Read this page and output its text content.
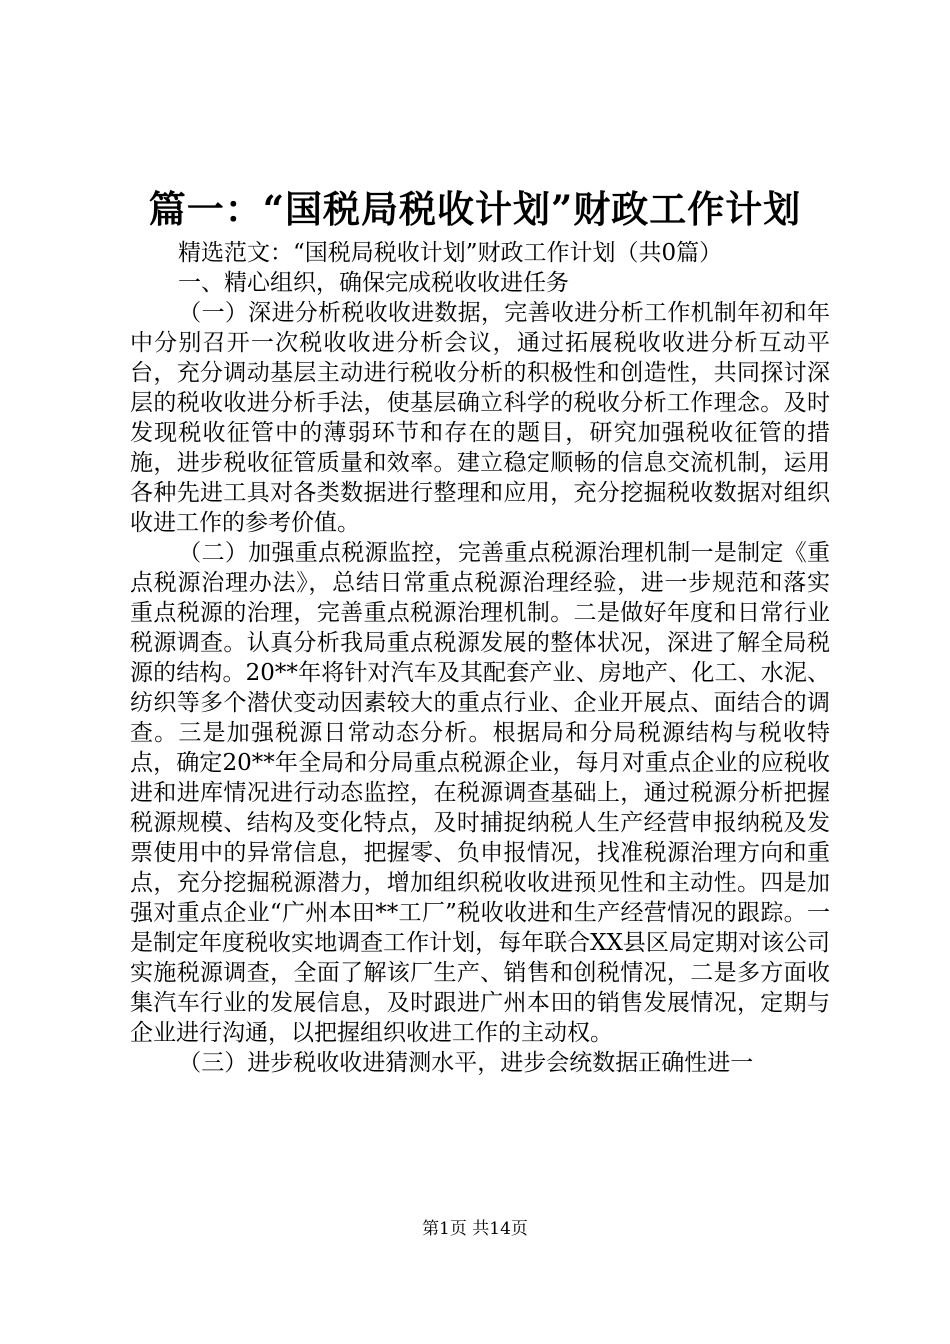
篇一：“国税局税收计划”财政工作计划
精选范文：“国税局税收计划”财政工作计划（共0篇）
一、精心组织，确保完成税收收进任务

（一）深进分析税收收进数据，完善收进分析工作机制年初和年中分别召开一次税收收进分析会议，通过拓展税收收进分析互动平台，充分调动基层主动进行税收分析的积极性和创造性，共同探讨深层的税收收进分析手法，使基层确立科学的税收分析工作理念。及时发现税收征管中的薄弱环节和存在的题目，研究加强税收征管的措施，进步税收征管质量和效率。建立稳定顺畅的信息交流机制，运用各种先进工具对各类数据进行整理和应用，充分挖掘税收数据对组织收进工作的参考价值。

（二）加强重点税源监控，完善重点税源治理机制一是制定《重点税源治理办法》，总结日常重点税源治理经验，进一步规范和落实重点税源的治理，完善重点税源治理机制。二是做好年度和日常行业税源调查。认真分析我局重点税源发展的整体状况，深进了解全局税源的结构。20**年将针对汽车及其配套产业、房地产、化工、水泥、纺织等多个潜伏变动因素较大的重点行业、企业开展点、面结合的调查。三是加强税源日常动态分析。根据局和分局税源结构与税收特点，确定20**年全局和分局重点税源企业，每月对重点企业的应税收进和进库情况进行动态监控，在税源调查基础上，通过税源分析把握税源规模、结构及变化特点，及时捕捉纳税人生产经营申报纳税及发票使用中的异常信息，把握零、负申报情况，找准税源治理方向和重点，充分挖掘税源潜力，增加组织税收收进预见性和主动性。四是加强对重点企业“广州本田**工厂”税收收进和生产经营情况的跟踪。一是制定年度税收实地调查工作计划，每年联合XX县区局定期对该公司实施税源调查，全面了解该厂生产、销售和创税情况，二是多方面收集汽车行业的发展信息，及时跟进广州本田的销售发展情况，定期与企业进行沟通，以把握组织收进工作的主动权。

（三）进步税收收进猜测水平，进步会统数据正确性进一

第1页 共14页
